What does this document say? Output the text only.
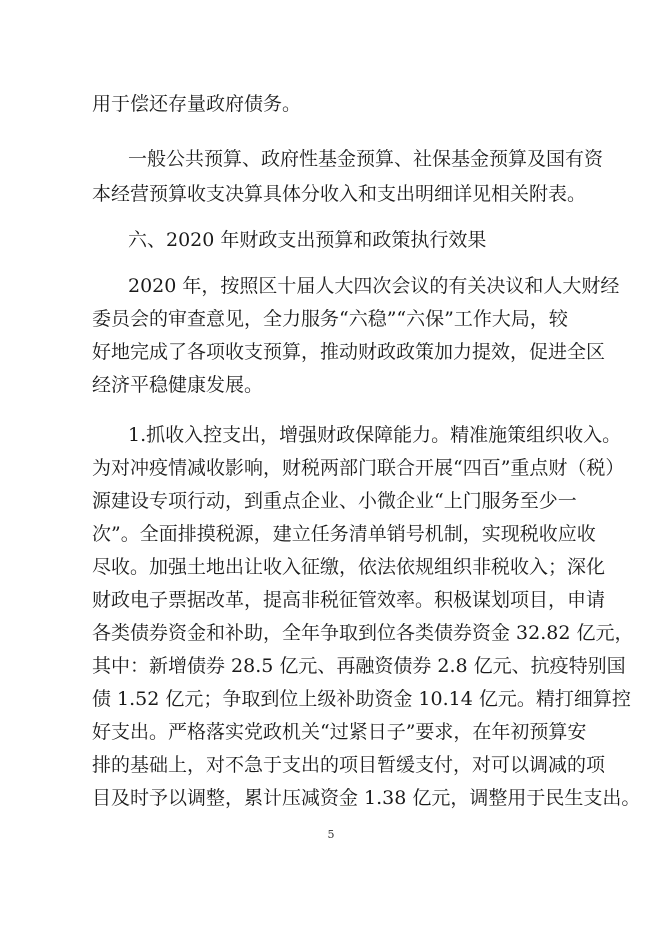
用于偿还存量政府债务。
一般公共预算、政府性基金预算、社保基金预算及国有资
本经营预算收支决算具体分收入和支出明细详见相关附表。
六、2020 年财政支出预算和政策执行效果
2020 年，按照区十届人大四次会议的有关决议和人大财经
委员会的审查意见，全力服务“六稳”“六保”工作大局，较
好地完成了各项收支预算，推动财政政策加力提效，促进全区
经济平稳健康发展。
1.抓收入控支出，增强财政保障能力。精准施策组织收入。
为对冲疫情减收影响，财税两部门联合开展“四百”重点财（税）
源建设专项行动，到重点企业、小微企业“上门服务至少一
次”。全面排摸税源，建立任务清单销号机制，实现税收应收
尽收。加强土地出让收入征缴，依法依规组织非税收入；深化
财政电子票据改革，提高非税征管效率。积极谋划项目，申请
各类债券资金和补助，全年争取到位各类债券资金 32.82 亿元，
其中：新增债券 28.5 亿元、再融资债券 2.8 亿元、抗疫特别国
债 1.52 亿元；争取到位上级补助资金 10.14 亿元。精打细算控
好支出。严格落实党政机关“过紧日子”要求，在年初预算安
排的基础上，对不急于支出的项目暂缓支付，对可以调减的项
目及时予以调整，累计压减资金 1.38 亿元，调整用于民生支出。
5
